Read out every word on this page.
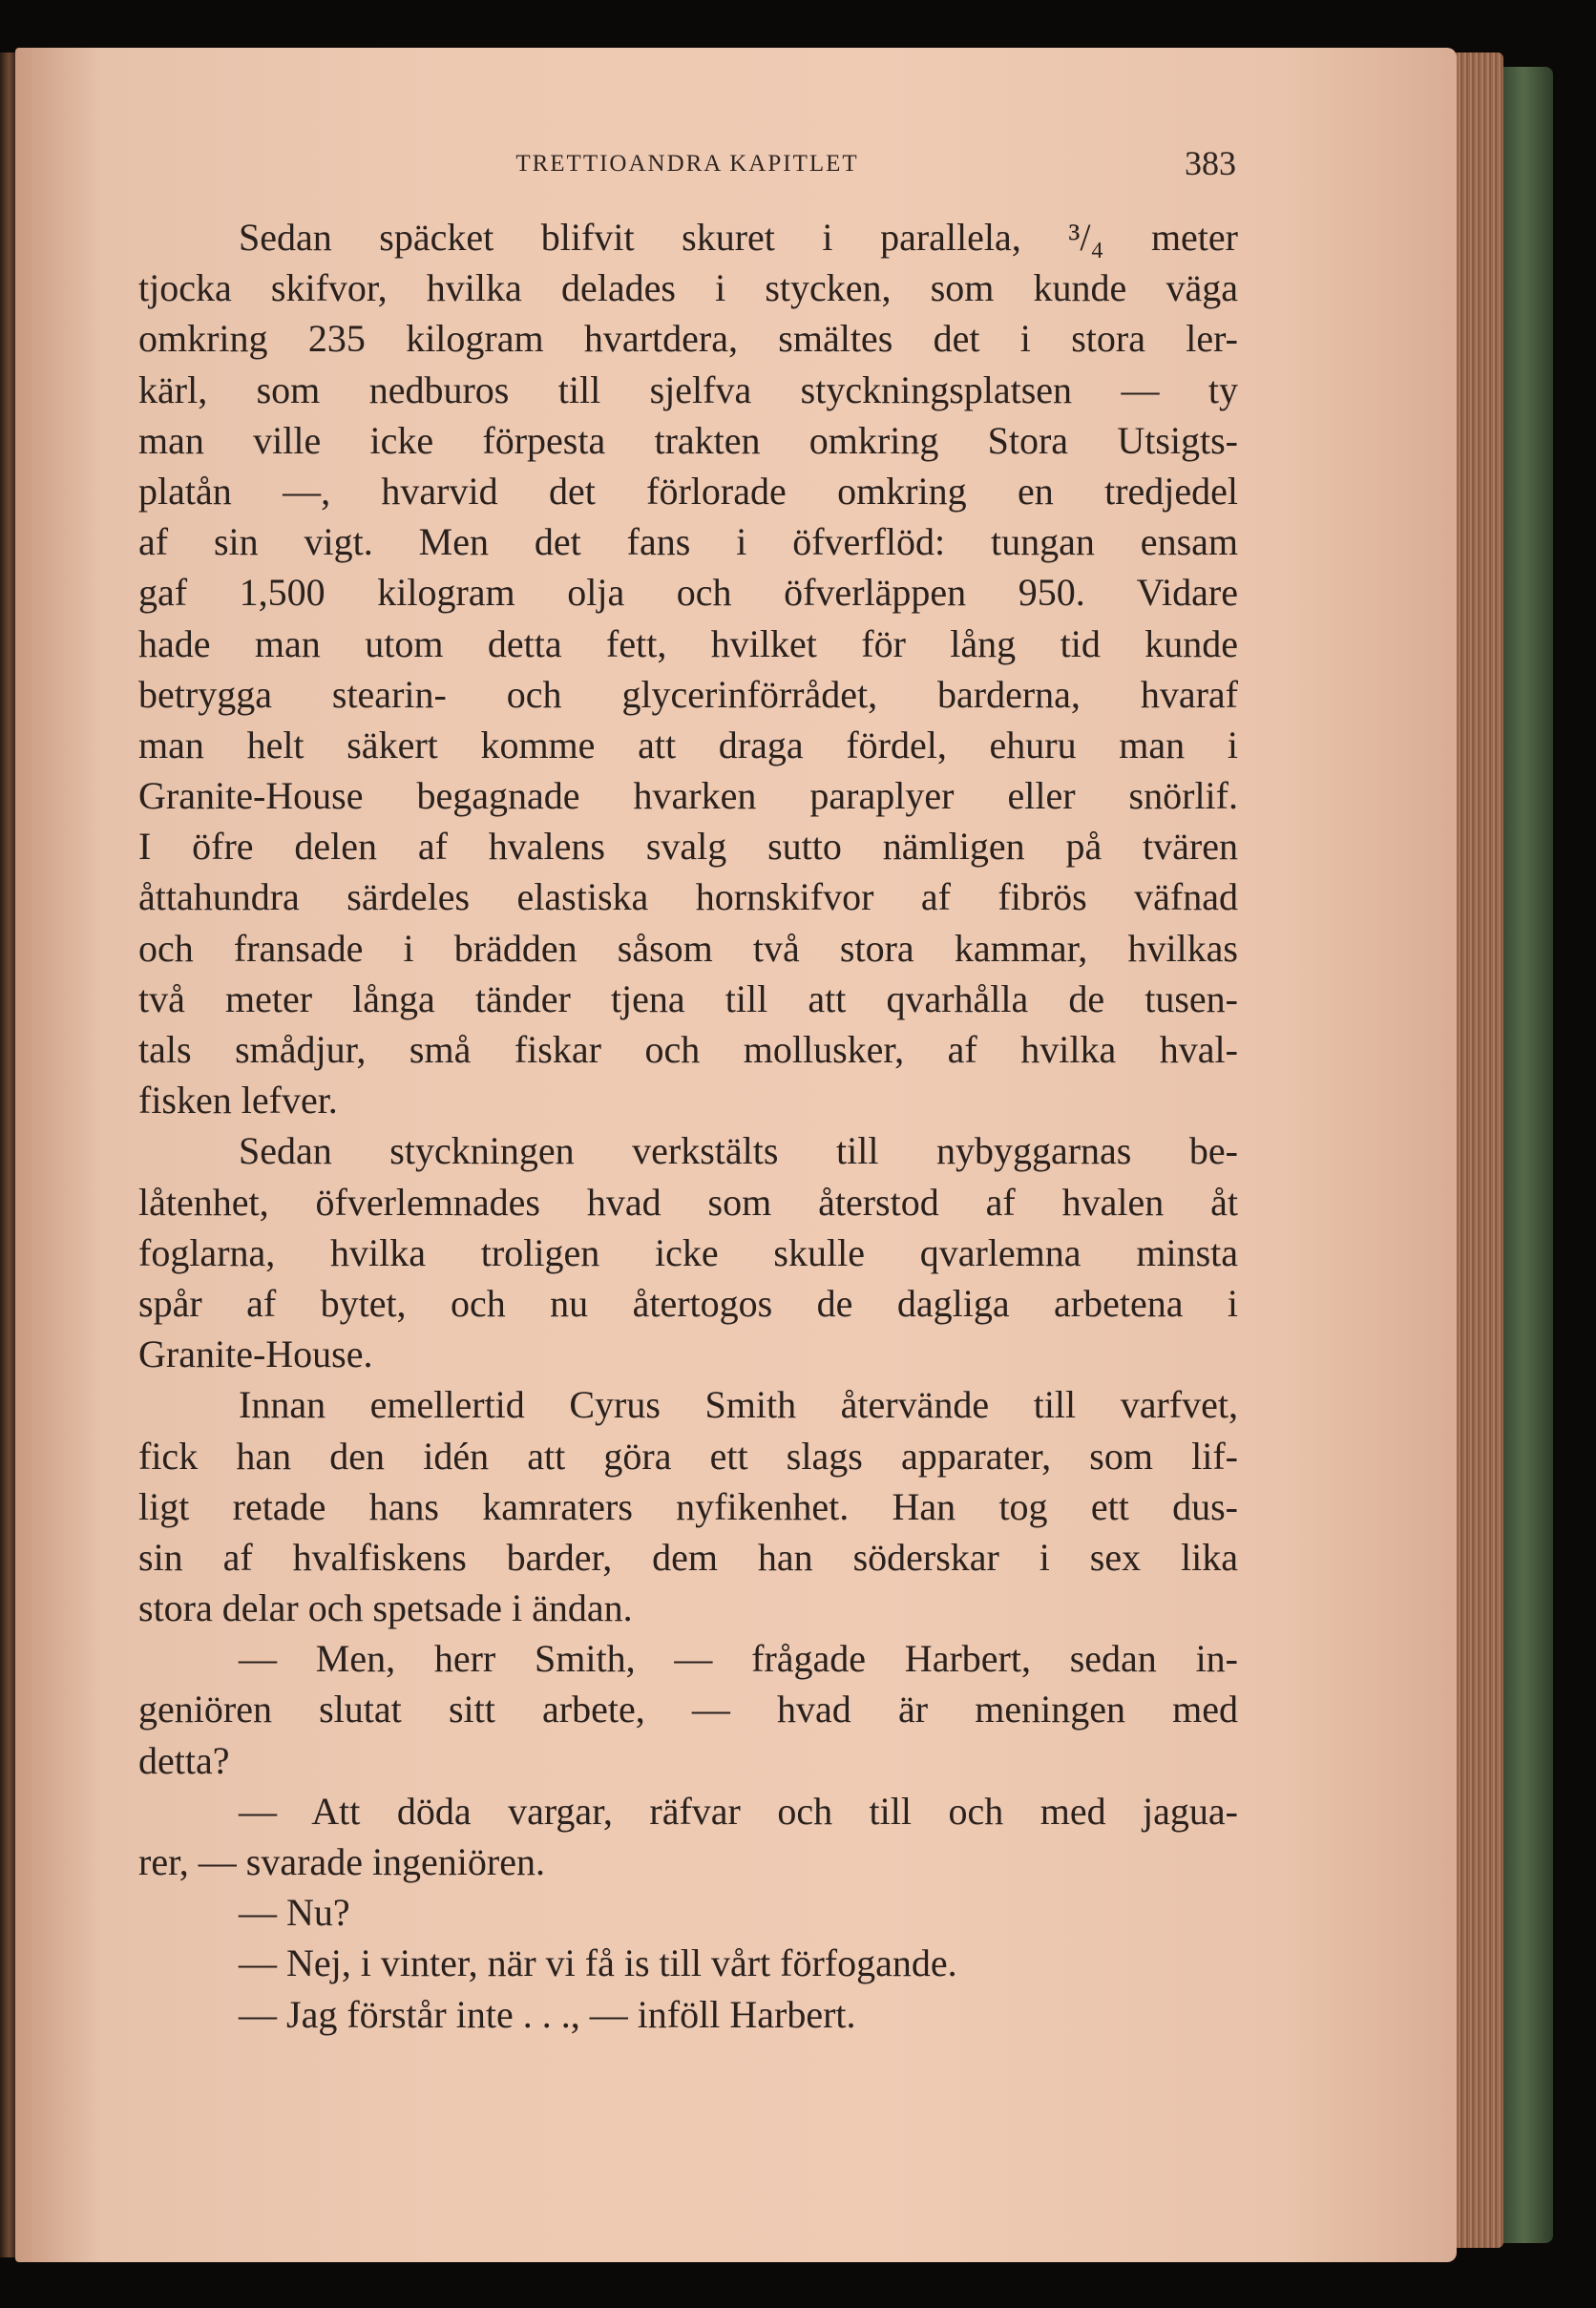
TRETTIOANDRA KAPITLET	383
Sedan späcket blifvit skuret i parallela, ³/₄ meter
tjocka skifvor, hvilka delades i stycken, som kunde väga
omkring 235 kilogram hvartdera, smältes det i stora ler-
kärl, som nedburos till sjelfva styckningsplatsen — ty
man ville icke förpesta trakten omkring Stora Utsigts-
platån —, hvarvid det förlorade omkring en tredjedel
af sin vigt. Men det fans i öfverflöd: tungan ensam
gaf 1,500 kilogram olja och öfverläppen 950. Vidare
hade man utom detta fett, hvilket för lång tid kunde
betrygga stearin- och glycerinförrådet, barderna, hvaraf
man helt säkert komme att draga fördel, ehuru man i
Granite-House begagnade hvarken paraplyer eller snörlif.
I öfre delen af hvalens svalg sutto nämligen på tvären
åttahundra särdeles elastiska hornskifvor af fibrös väfnad
och fransade i brädden såsom två stora kammar, hvilkas
två meter långa tänder tjena till att qvarhålla de tusen-
tals smådjur, små fiskar och mollusker, af hvilka hval-
fisken lefver.
Sedan styckningen verkstälts till nybyggarnas be-
låtenhet, öfverlemnades hvad som återstod af hvalen åt
foglarna, hvilka troligen icke skulle qvarlemna minsta
spår af bytet, och nu återtogos de dagliga arbetena i
Granite-House.
Innan emellertid Cyrus Smith återvände till varfvet,
fick han den idén att göra ett slags apparater, som lif-
ligt retade hans kamraters nyfikenhet. Han tog ett dus-
sin af hvalfiskens barder, dem han söderskar i sex lika
stora delar och spetsade i ändan.
— Men, herr Smith, — frågade Harbert, sedan in-
geniören slutat sitt arbete, — hvad är meningen med
detta?
— Att döda vargar, räfvar och till och med jagua-
rer, — svarade ingeniören.
— Nu?
— Nej, i vinter, när vi få is till vårt förfogande.
— Jag förstår inte . . ., — inföll Harbert.
